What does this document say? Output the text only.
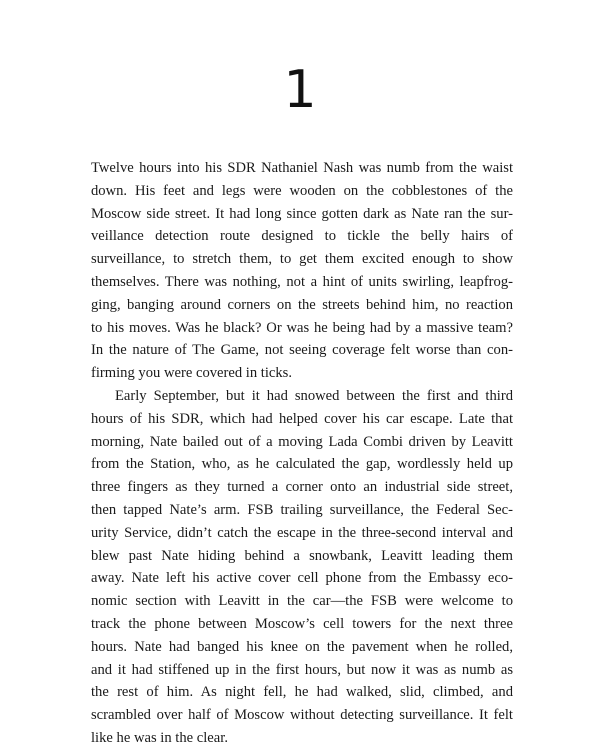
1
Twelve hours into his SDR Nathaniel Nash was numb from the waist
down. His feet and legs were wooden on the cobblestones of the
Moscow side street. It had long since gotten dark as Nate ran the sur-
veillance detection route designed to tickle the belly hairs of
surveillance, to stretch them, to get them excited enough to show
themselves. There was nothing, not a hint of units swirling, leapfrog-
ging, banging around corners on the streets behind him, no reaction
to his moves. Was he black? Or was he being had by a massive team?
In the nature of The Game, not seeing coverage felt worse than con-
firming you were covered in ticks.
Early September, but it had snowed between the first and third
hours of his SDR, which had helped cover his car escape. Late that
morning, Nate bailed out of a moving Lada Combi driven by Leavitt
from the Station, who, as he calculated the gap, wordlessly held up
three fingers as they turned a corner onto an industrial side street,
then tapped Nate’s arm. FSB trailing surveillance, the Federal Sec-
urity Service, didn’t catch the escape in the three-second interval and
blew past Nate hiding behind a snowbank, Leavitt leading them
away. Nate left his active cover cell phone from the Embassy eco-
nomic section with Leavitt in the car—the FSB were welcome to
track the phone between Moscow’s cell towers for the next three
hours. Nate had banged his knee on the pavement when he rolled,
and it had stiffened up in the first hours, but now it was as numb as
the rest of him. As night fell, he had walked, slid, climbed, and
scrambled over half of Moscow without detecting surveillance. It felt
like he was in the clear.
